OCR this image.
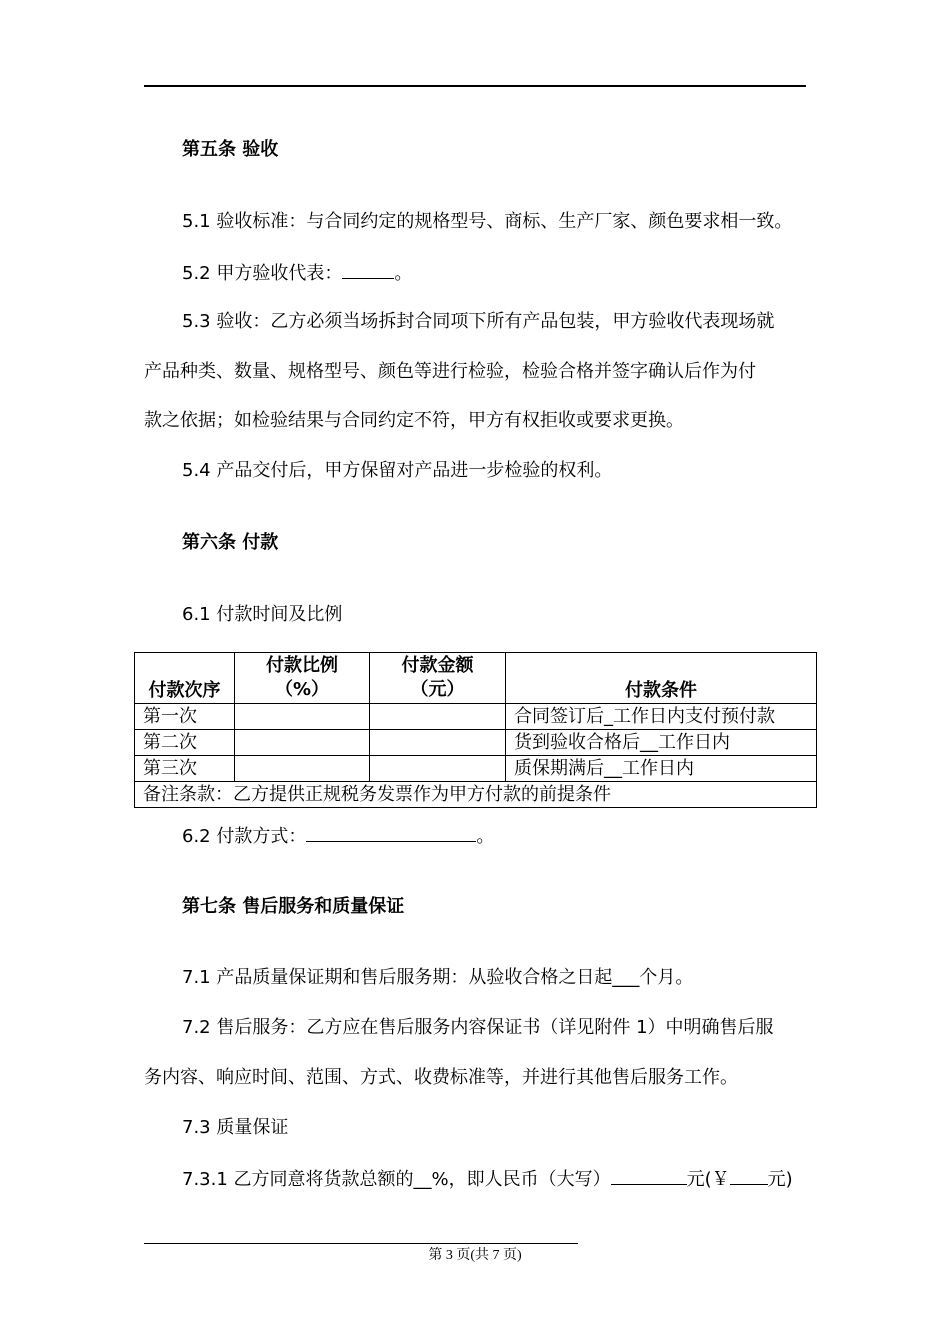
第五条 验收
5.1 验收标准：与合同约定的规格型号、商标、生产厂家、颜色要求相一致。
5.2 甲方验收代表：	。
5.3 验收：乙方必须当场拆封合同项下所有产品包装，甲方验收代表现场就
产品种类、数量、规格型号、颜色等进行检验，检验合格并签字确认后作为付
款之依据；如检验结果与合同约定不符，甲方有权拒收或要求更换。
5.4 产品交付后，甲方保留对产品进一步检验的权利。
第六条 付款
6.1 付款时间及比例
付款次序	付款比例（%）	付款金额（元）	付款条件
第一次			合同签订后_工作日内支付预付款
第二次			货到验收合格后__工作日内
第三次			质保期满后__工作日内
备注条款：乙方提供正规税务发票作为甲方付款的前提条件			
6.2 付款方式：	。
第七条 售后服务和质量保证
7.1 产品质量保证期和售后服务期：从验收合格之日起___个月。
7.2 售后服务：乙方应在售后服务内容保证书（详见附件 1）中明确售后服
务内容、响应时间、范围、方式、收费标准等，并进行其他售后服务工作。
7.3 质量保证
7.3.1 乙方同意将货款总额的__%，即人民币（大写）	元(￥ 元)
第 3 页(共 7 页)
